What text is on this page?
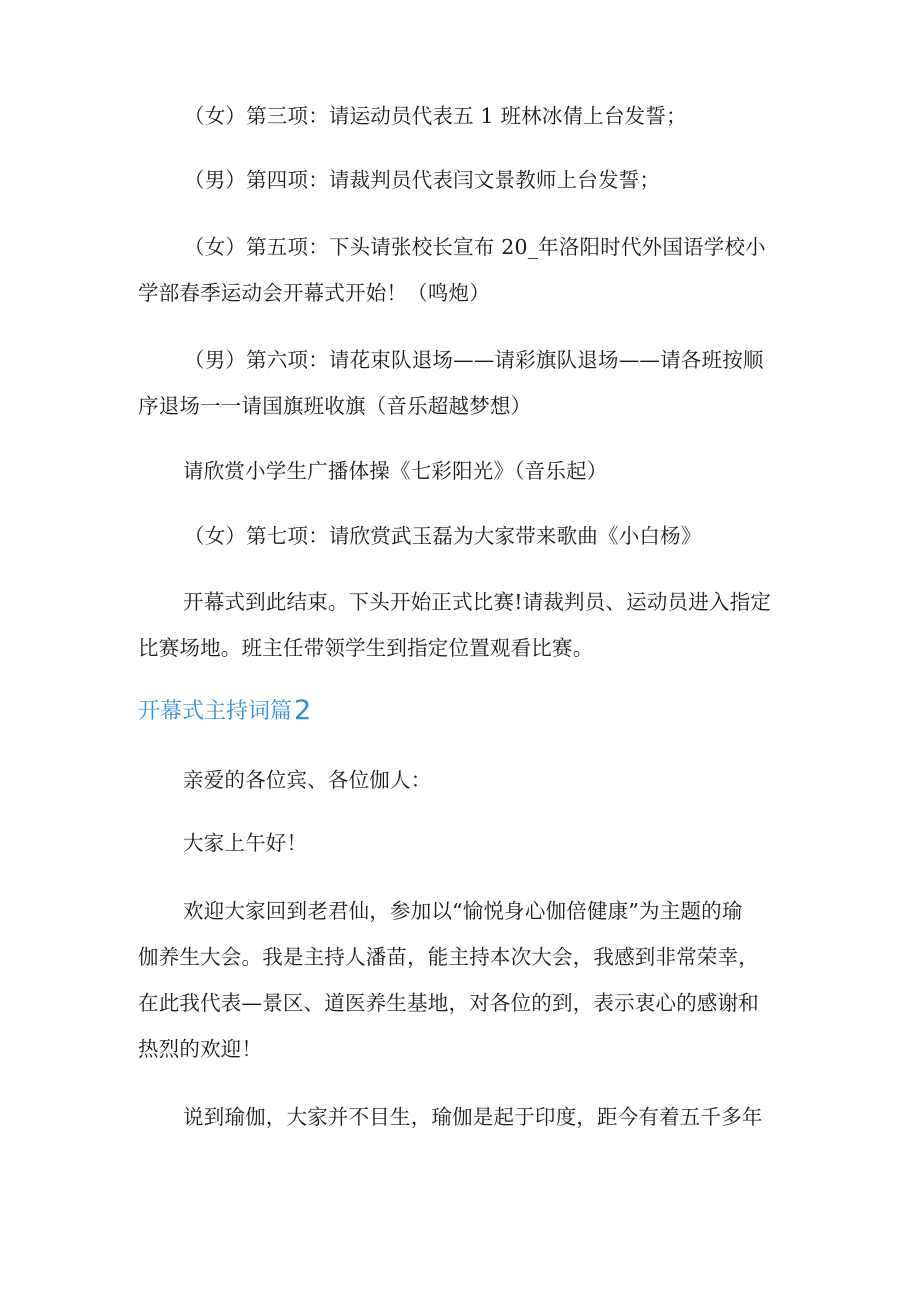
（女）第三项：请运动员代表五 1 班林冰倩上台发誓；
（男）第四项：请裁判员代表闫文景教师上台发誓；
（女）第五项：下头请张校长宣布 20_年洛阳时代外国语学校小
学部春季运动会开幕式开始！（鸣炮）
（男）第六项：请花束队退场——请彩旗队退场——请各班按顺
序退场一一请国旗班收旗（音乐超越梦想）
请欣赏小学生广播体操《七彩阳光》（音乐起）
（女）第七项：请欣赏武玉磊为大家带来歌曲《小白杨》
开幕式到此结束。下头开始正式比赛!请裁判员、运动员进入指定
比赛场地。班主任带领学生到指定位置观看比赛。
开幕式主持词篇2
亲爱的各位宾、各位伽人：
大家上午好！
欢迎大家回到老君仙，参加以“愉悦身心伽倍健康”为主题的瑜
伽养生大会。我是主持人潘苗，能主持本次大会，我感到非常荣幸，
在此我代表—景区、道医养生基地，对各位的到，表示衷心的感谢和
热烈的欢迎！
说到瑜伽，大家并不目生，瑜伽是起于印度，距今有着五千多年
